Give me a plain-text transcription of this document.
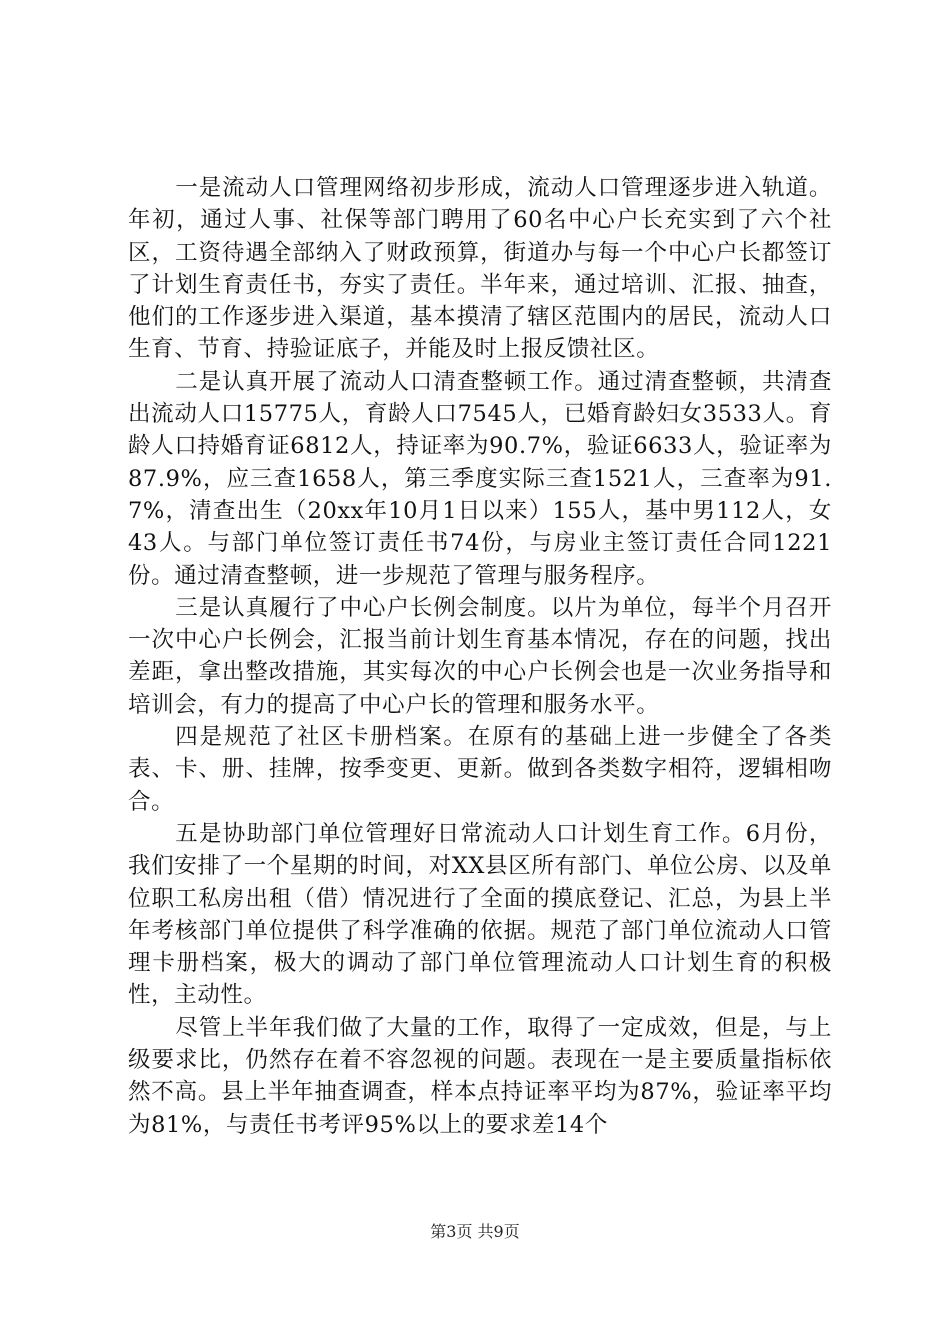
一是流动人口管理网络初步形成，流动人口管理逐步进入轨道。年初，通过人事、社保等部门聘用了60名中心户长充实到了六个社区，工资待遇全部纳入了财政预算，街道办与每一个中心户长都签订了计划生育责任书，夯实了责任。半年来，通过培训、汇报、抽查，他们的工作逐步进入渠道，基本摸清了辖区范围内的居民，流动人口生育、节育、持验证底子，并能及时上报反馈社区。

二是认真开展了流动人口清查整顿工作。通过清查整顿，共清查出流动人口15775人，育龄人口7545人，已婚育龄妇女3533人。育龄人口持婚育证6812人，持证率为90.7%，验证6633人，验证率为87.9%，应三查1658人，第三季度实际三查1521人，三查率为91.7%，清查出生（20xx年10月1日以来）155人，基中男112人，女43人。与部门单位签订责任书74份，与房业主签订责任合同1221份。通过清查整顿，进一步规范了管理与服务程序。

三是认真履行了中心户长例会制度。以片为单位，每半个月召开一次中心户长例会，汇报当前计划生育基本情况，存在的问题，找出差距，拿出整改措施，其实每次的中心户长例会也是一次业务指导和培训会，有力的提高了中心户长的管理和服务水平。

四是规范了社区卡册档案。在原有的基础上进一步健全了各类表、卡、册、挂牌，按季变更、更新。做到各类数字相符，逻辑相吻合。

五是协助部门单位管理好日常流动人口计划生育工作。6月份，我们安排了一个星期的时间，对XX县区所有部门、单位公房、以及单位职工私房出租（借）情况进行了全面的摸底登记、汇总，为县上半年考核部门单位提供了科学准确的依据。规范了部门单位流动人口管理卡册档案，极大的调动了部门单位管理流动人口计划生育的积极性，主动性。

尽管上半年我们做了大量的工作，取得了一定成效，但是，与上级要求比，仍然存在着不容忽视的问题。表现在一是主要质量指标依然不高。县上半年抽查调查，样本点持证率平均为87%，验证率平均为81%，与责任书考评95%以上的要求差14个

第3页 共9页
